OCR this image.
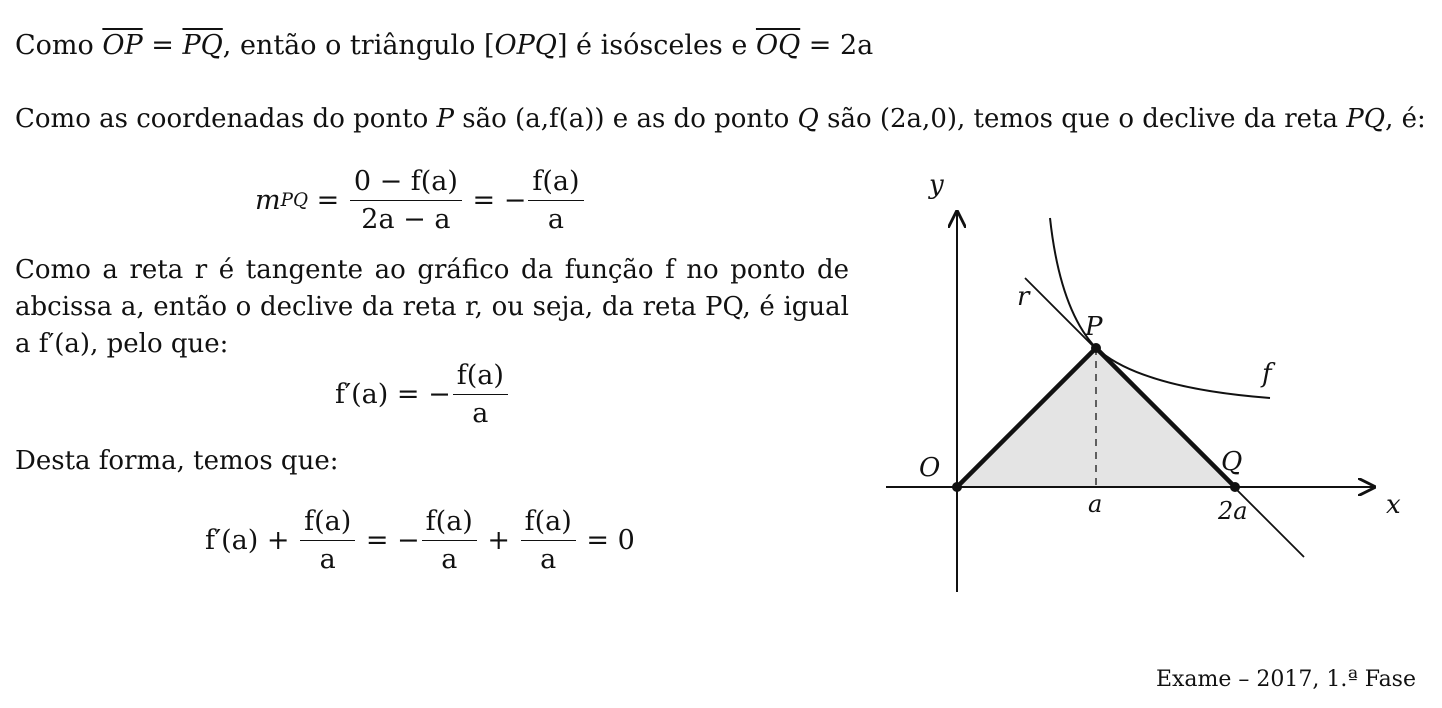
Como $\overline{OP} = \overline{PQ}$, então o triângulo [OPQ] é isósceles e $\overline{OQ} = 2a$
Como as coordenadas do ponto P são (a,f(a)) e as do ponto Q são (2a,0), temos que o declive da reta PQ, é:
m PQ = $\frac{0 - f(a)}{2a - a}$ = − $\frac{f(a)}{a}$
Como a reta r é tangente ao gráfico da função f no ponto de abcissa a, então o declive da reta r, ou seja, da reta PQ, é igual a f′(a), pelo que:
f′(a) = − $\frac{f(a)}{a}$
Desta forma, temos que:
$f'(a) + \frac{f(a)}{a}$ = − $\frac{f(a)}{a} + \frac{f(a)}{a} = 0$
y
x
O
P
Q
r
f
a	2a
Exame – 2017, 1.ª Fase
